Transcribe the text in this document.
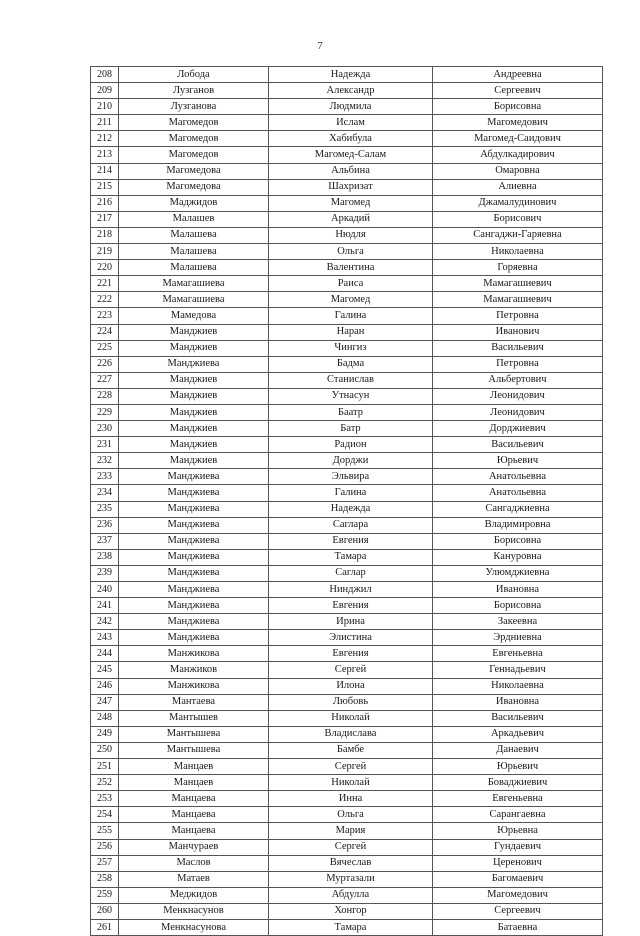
7
208	Лобода	Надежда	Андреевна
209	Лузганов	Александр	Сергеевич
210	Лузганова	Людмила	Борисовна
211	Магомедов	Ислам	Магомедович
212	Магомедов	Хабибула	Магомед-Саидович
213	Магомедов	Магомед-Салам	Абдулкадирович
214	Магомедова	Альбина	Омаровна
215	Магомедова	Шахризат	Алиевна
216	Маджидов	Магомед	Джамалудинович
217	Малашев	Аркадий	Борисович
218	Малашева	Нюдля	Сангаджи-Гаряевна
219	Малашева	Ольга	Николаевна
220	Малашева	Валентина	Горяевна
221	Мамагашиева	Раиса	Мамагашиевич
222	Мамагашиева	Магомед	Мамагашиевич
223	Мамедова	Галина	Петровна
224	Манджиев	Наран	Иванович
225	Манджиев	Чингиз	Васильевич
226	Манджиева	Бадма	Петровна
227	Манджиев	Станислав	Альбертович
228	Манджиев	Утнасун	Леонидович
229	Манджиев	Баатр	Леонидович
230	Манджиев	Батр	Дорджиевич
231	Манджиев	Радион	Васильевич
232	Манджиев	Дорджи	Юрьевич
233	Манджиева	Эльвира	Анатольевна
234	Манджиева	Галина	Анатольевна
235	Манджиева	Надежда	Сангаджиевна
236	Манджиева	Саглара	Владимировна
237	Манджиева	Евгения	Борисовна
238	Манджиева	Тамара	Кануровна
239	Манджиева	Саглар	Улюмджиевна
240	Манджиева	Нинджил	Ивановна
241	Манджиева	Евгения	Борисовна
242	Манджиева	Ирина	Закеевна
243	Манджиева	Элистина	Эрдниевна
244	Манжикова	Евгения	Евгеньевна
245	Манжиков	Сергей	Геннадьевич
246	Манжикова	Илона	Николаевна
247	Мантаева	Любовь	Ивановна
248	Мантышев	Николай	Васильевич
249	Мантышева	Владислава	Аркадьевич
250	Мантышева	Бамбе	Данаевич
251	Манцаев	Сергей	Юрьевич
252	Манцаев	Николай	Боваджиевич
253	Манцаева	Инна	Евгеньевна
254	Манцаева	Ольга	Сарангаевна
255	Манцаева	Мария	Юрьевна
256	Манчураев	Сергей	Гундаевич
257	Маслов	Вячеслав	Церенович
258	Матаев	Муртазали	Багомаевич
259	Меджидов	Абдулла	Магомедович
260	Менкнасунов	Хонгор	Сергеевич
261	Менкнасунова	Тамара	Батаевна
